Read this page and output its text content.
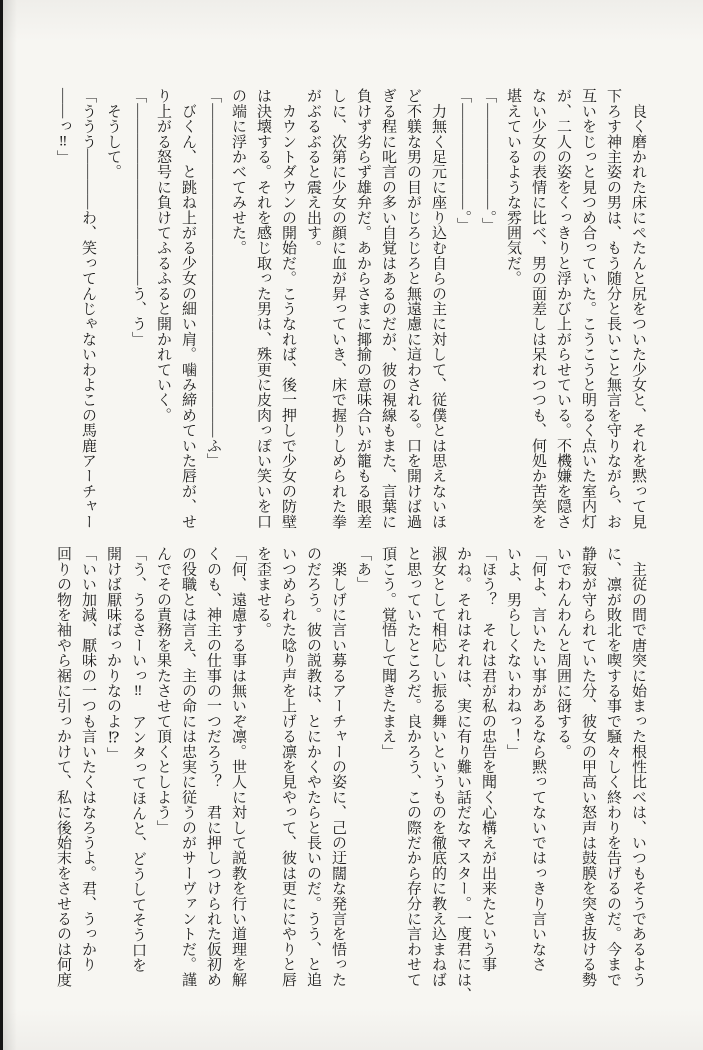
　良く磨かれた床にぺたんと尻をついた少女と、それを黙って見

下ろす神主姿の男は、もう随分と長いこと無言を守りながら、お

互いをじっと見つめ合っていた。こうこうと明るく点いた室内灯

が、二人の姿をくっきりと浮かび上がらせている。不機嫌を隠さ

ない少女の表情に比べ、男の面差しは呆れつつも、何処か苦笑を

堪えているような雰囲気だ。

「―――――――。」

「―――――――。」

　力無く足元に座り込む自らの主に対して、従僕とは思えないほ

ど不躾な男の目がじろじろと無遠慮に這わされる。口を開けば過

ぎる程に叱言の多い自覚はあるのだが、彼の視線もまた、言葉に

負けず劣らず雄弁だ。あからさまに揶揄の意味合いが籠もる眼差

しに、次第に少女の顔に血が昇っていき、床で握りしめられた拳

がぶるぶると震え出す。

　カウントダウンの開始だ。こうなれば、後一押しで少女の防壁

は決壊する。それを感じ取った男は、殊更に皮肉っぽい笑いを口

の端に浮かべてみせた。

「――――――――――――――――――――――ふ」

　びくん、と跳ね上がる少女の細い肩。噛み締めていた唇が、せ

り上がる怒号に負けてふるふると開かれていく。

「――――――――――――う、う」

　そうして。

「ううう――――わ、笑ってんじゃないわよこの馬鹿アーチャー

――っ‼」

　主従の間で唐突に始まった根性比べは、いつもそうであるよう

に、凛が敗北を喫する事で騒々しく終わりを告げるのだ。今まで

静寂が守られていた分、彼女の甲高い怒声は鼓膜を突き抜ける勢

いでわんわんと周囲に谺する。

「何よ、言いたい事があるなら黙ってないではっきり言いなさ

いよ、男らしくないわねっ！」

「ほう？　それは君が私の忠告を聞く心構えが出来たという事

かね。それはそれは、実に有り難い話だなマスター。一度君には、

淑女として相応しい振る舞いというものを徹底的に教え込まねば

と思っていたところだ。良かろう、この際だから存分に言わせて

頂こう。覚悟して聞きたまえ」

「あ」

　楽しげに言い募るアーチャーの姿に、己の迂闊な発言を悟った

のだろう。彼の説教は、とにかくやたらと長いのだ。うう、と追

いつめられた唸り声を上げる凛を見やって、彼は更ににやりと唇

を歪ませる。

「何、遠慮する事は無いぞ凛。世人に対して説教を行い道理を解

くのも、神主の仕事の一つだろう？　君に押しつけられた仮初め

の役職とは言え、主の命には忠実に従うのがサーヴァントだ。謹

んでその責務を果たさせて頂くとしよう」

「う、うるさーいっ‼　アンタってほんと、どうしてそう口を

開けば厭味ばっかりなのよ⁉」

「いい加減、厭味の一つも言いたくはなろうよ。君、うっかり

回りの物を袖やら裾に引っかけて、私に後始末をさせるのは何度
